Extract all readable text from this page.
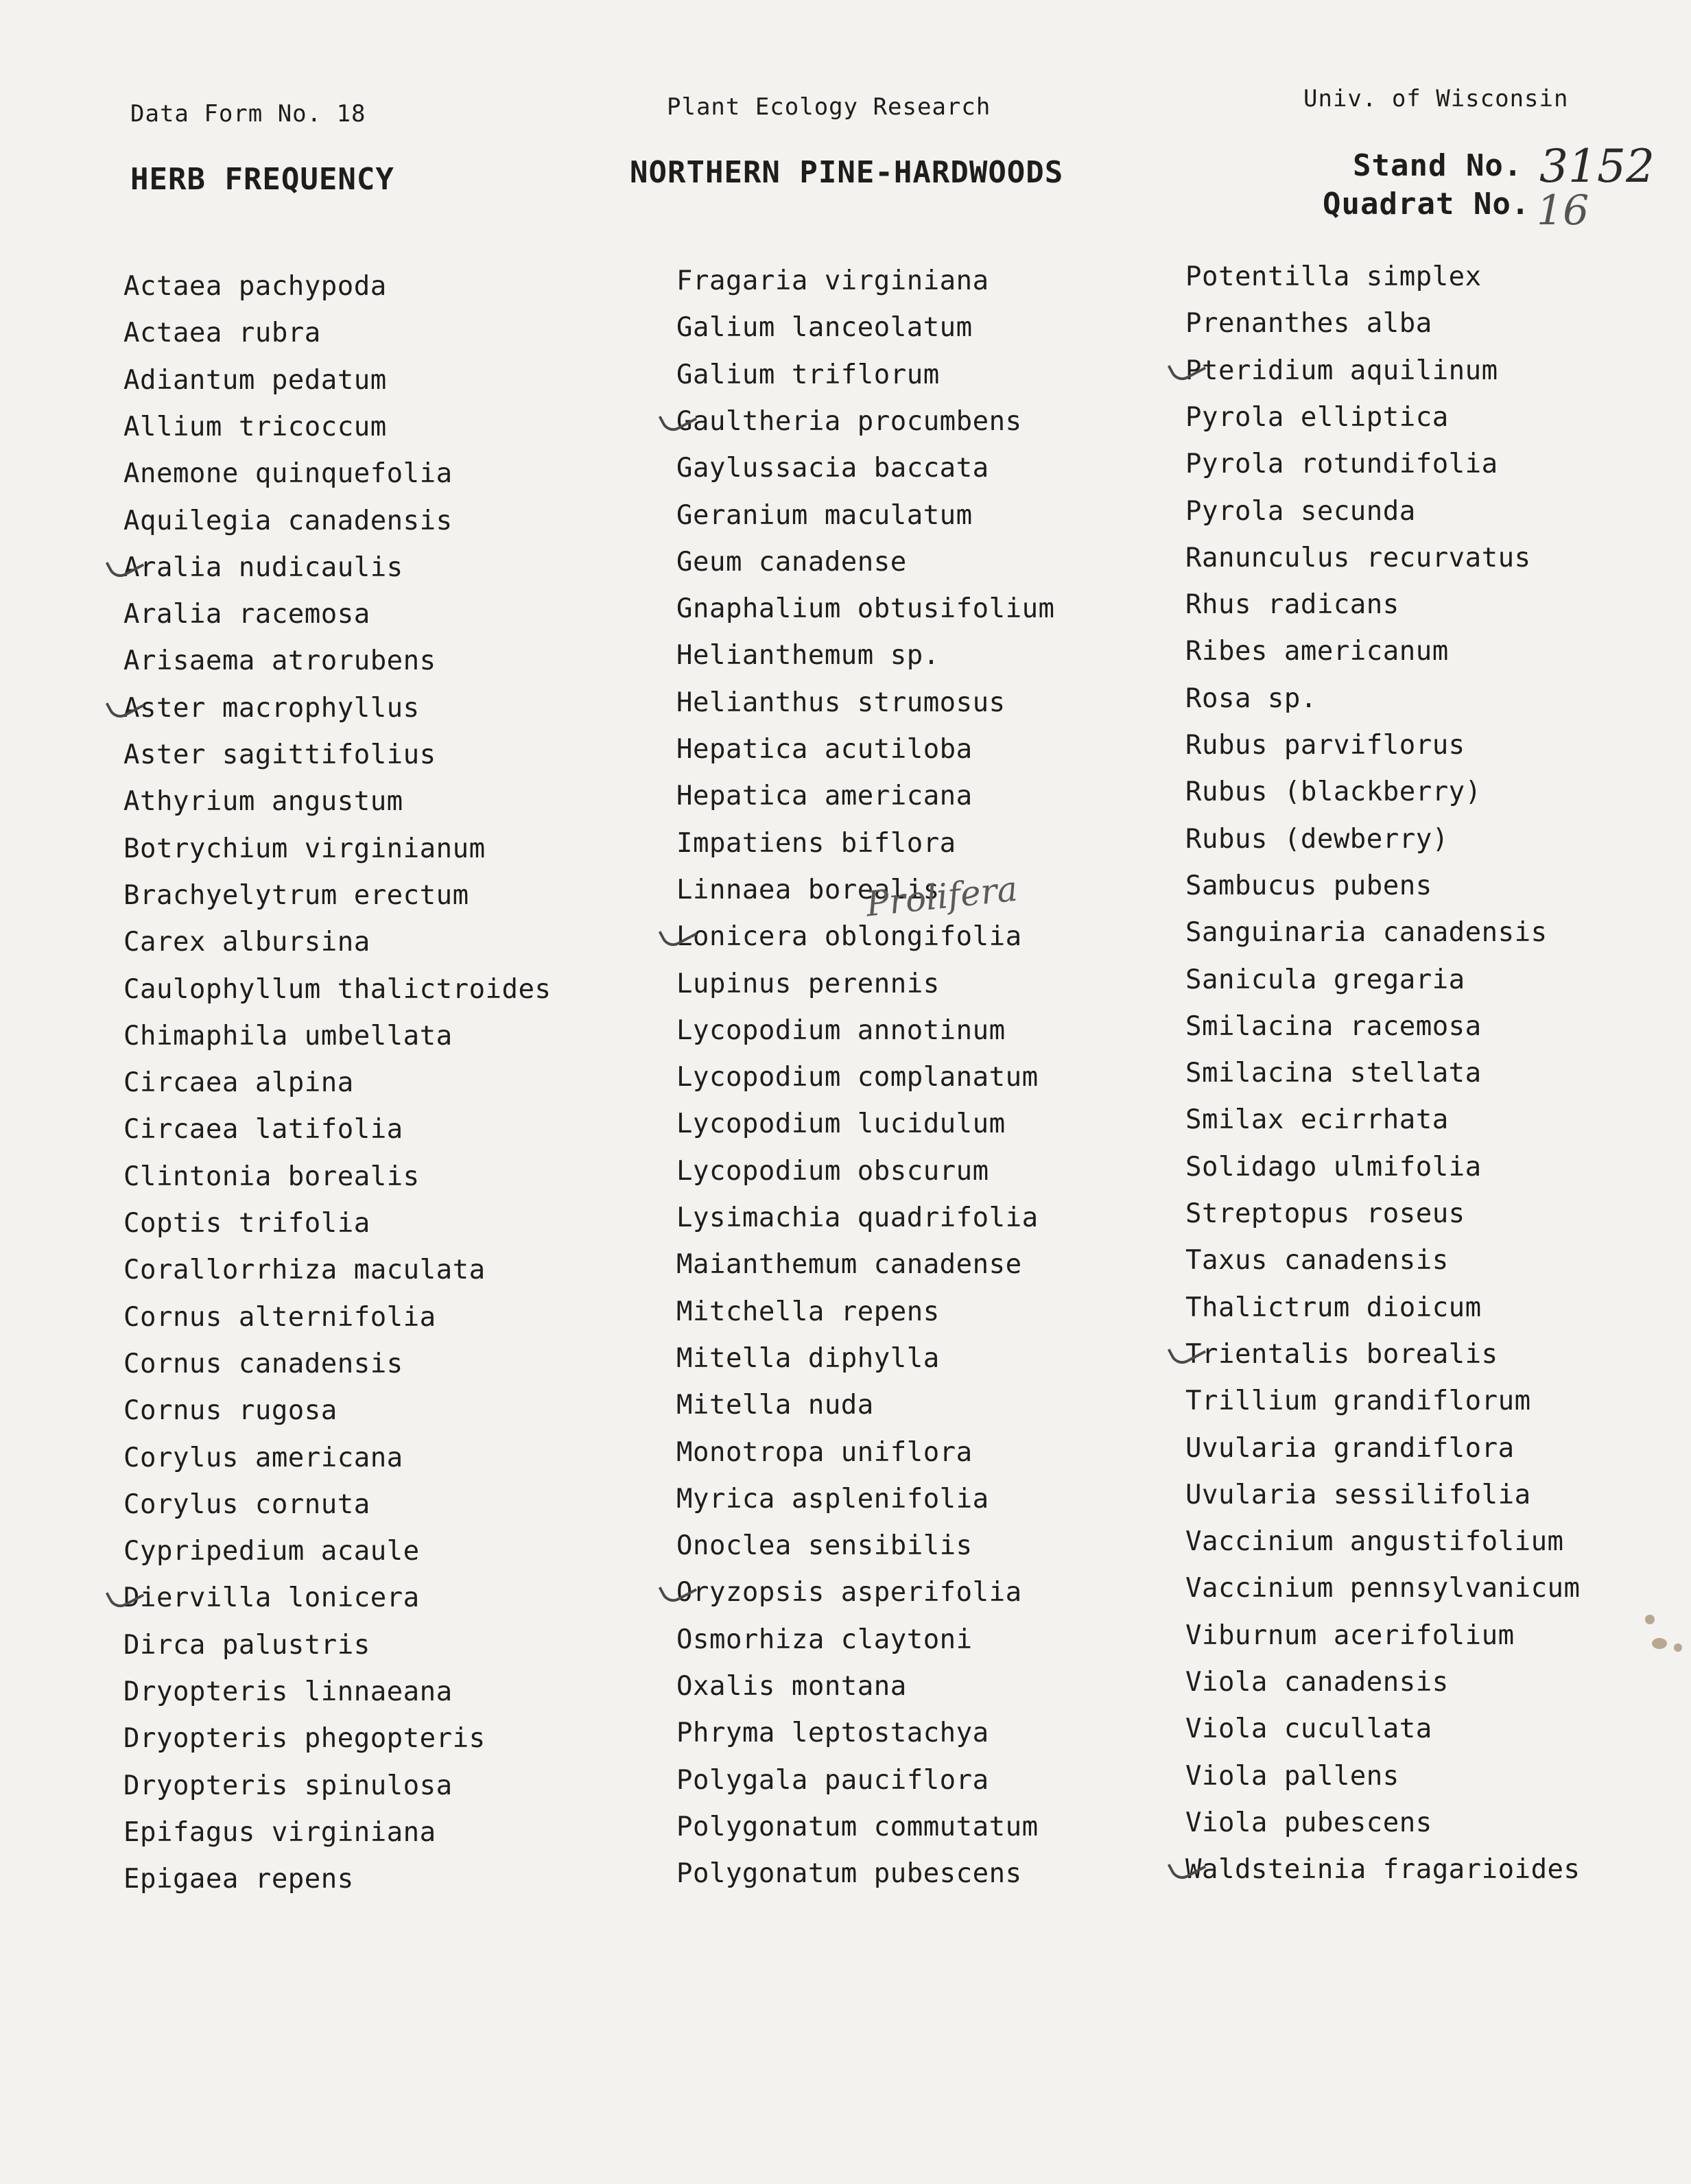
Data Form No. 18	Plant Ecology Research	Univ. of Wisconsin
HERB FREQUENCY	NORTHERN PINE-HARDWOODS	Stand No. 3152
Quadrat No. 16
Actaea pachypoda
Actaea rubra
Adiantum pedatum
Allium tricoccum
Anemone quinquefolia
Aquilegia canadensis
Aralia nudicaulis
Aralia racemosa
Arisaema atrorubens
Aster macrophyllus
Aster sagittifolius
Athyrium angustum
Botrychium virginianum
Brachyelytrum erectum
Carex albursina
Caulophyllum thalictroides
Chimaphila umbellata
Circaea alpina
Circaea latifolia
Clintonia borealis
Coptis trifolia
Corallorrhiza maculata
Cornus alternifolia
Cornus canadensis
Cornus rugosa
Corylus americana
Corylus cornuta
Cypripedium acaule
Diervilla lonicera
Dirca palustris
Dryopteris linnaeana
Dryopteris phegopteris
Dryopteris spinulosa
Epifagus virginiana
Epigaea repens
Fragaria virginiana
Galium lanceolatum
Galium triflorum
Gaultheria procumbens
Gaylussacia baccata
Geranium maculatum
Geum canadense
Gnaphalium obtusifolium
Helianthemum sp.
Helianthus strumosus
Hepatica acutiloba
Hepatica americana
Impatiens biflora
Linnaea borealis
Lonicera oblongifolia
Lupinus perennis
Lycopodium annotinum
Lycopodium complanatum
Lycopodium lucidulum
Lycopodium obscurum
Lysimachia quadrifolia
Maianthemum canadense
Mitchella repens
Mitella diphylla
Mitella nuda
Monotropa uniflora
Myrica asplenifolia
Onoclea sensibilis
Oryzopsis asperifolia
Osmorhiza claytoni
Oxalis montana
Phryma leptostachya
Polygala pauciflora
Polygonatum commutatum
Polygonatum pubescens
Potentilla simplex
Prenanthes alba
Pteridium aquilinum
Pyrola elliptica
Pyrola rotundifolia
Pyrola secunda
Ranunculus recurvatus
Rhus radicans
Ribes americanum
Rosa sp.
Rubus parviflorus
Rubus (blackberry)
Rubus (dewberry)
Sambucus pubens
Sanguinaria canadensis
Sanicula gregaria
Smilacina racemosa
Smilacina stellata
Smilax ecirrhata
Solidago ulmifolia
Streptopus roseus
Taxus canadensis
Thalictrum dioicum
Trientalis borealis
Trillium grandiflorum
Uvularia grandiflora
Uvularia sessilifolia
Vaccinium angustifolium
Vaccinium pennsylvanicum
Viburnum acerifolium
Viola canadensis
Viola cucullata
Viola pallens
Viola pubescens
Waldsteinia fragarioides
Prolifera
